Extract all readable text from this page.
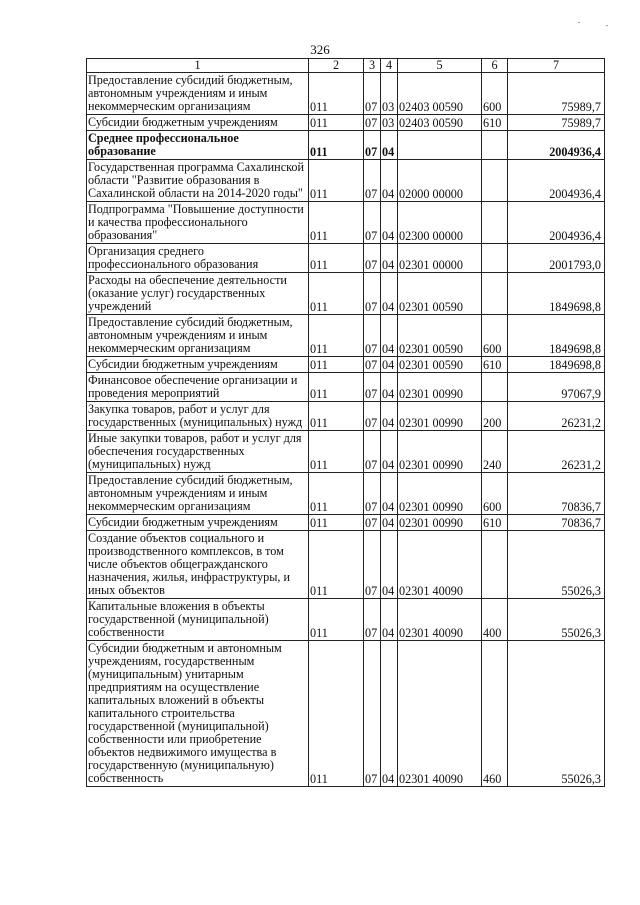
326
1	2	3	4	5	6	7
Предоставление субсидий бюджетным, автономным учреждениям и иным некоммерческим организациям	011	07	03	02403 00590	600	75989,7
Субсидии бюджетным учреждениям	011	07	03	02403 00590	610	75989,7
Среднее профессиональное образование	011	07	04			2004936,4
Государственная программа Сахалинской области "Развитие образования в Сахалинской области на 2014-2020 годы"	011	07	04	02000 00000		2004936,4
Подпрограмма "Повышение доступности и качества профессионального образования"	011	07	04	02300 00000		2004936,4
Организация среднего профессионального образования	011	07	04	02301 00000		2001793,0
Расходы на обеспечение деятельности (оказание услуг) государственных учреждений	011	07	04	02301 00590		1849698,8
Предоставление субсидий бюджетным, автономным учреждениям и иным некоммерческим организациям	011	07	04	02301 00590	600	1849698,8
Субсидии бюджетным учреждениям	011	07	04	02301 00590	610	1849698,8
Финансовое обеспечение организации и проведения мероприятий	011	07	04	02301 00990		97067,9
Закупка товаров, работ и услуг для государственных (муниципальных) нужд	011	07	04	02301 00990	200	26231,2
Иные закупки товаров, работ и услуг для обеспечения государственных (муниципальных) нужд	011	07	04	02301 00990	240	26231,2
Предоставление субсидий бюджетным, автономным учреждениям и иным некоммерческим организациям	011	07	04	02301 00990	600	70836,7
Субсидии бюджетным учреждениям	011	07	04	02301 00990	610	70836,7
Создание объектов социального и производственного комплексов, в том числе объектов общегражданского назначения, жилья, инфраструктуры, и иных объектов	011	07	04	02301 40090		55026,3
Капитальные вложения в объекты государственной (муниципальной) собственности	011	07	04	02301 40090	400	55026,3
Субсидии бюджетным и автономным учреждениям, государственным (муниципальным) унитарным предприятиям на осуществление капитальных вложений в объекты капитального строительства государственной (муниципальной) собственности или приобретение объектов недвижимого имущества в государственную (муниципальную) собственность	011	07	04	02301 40090	460	55026,3
